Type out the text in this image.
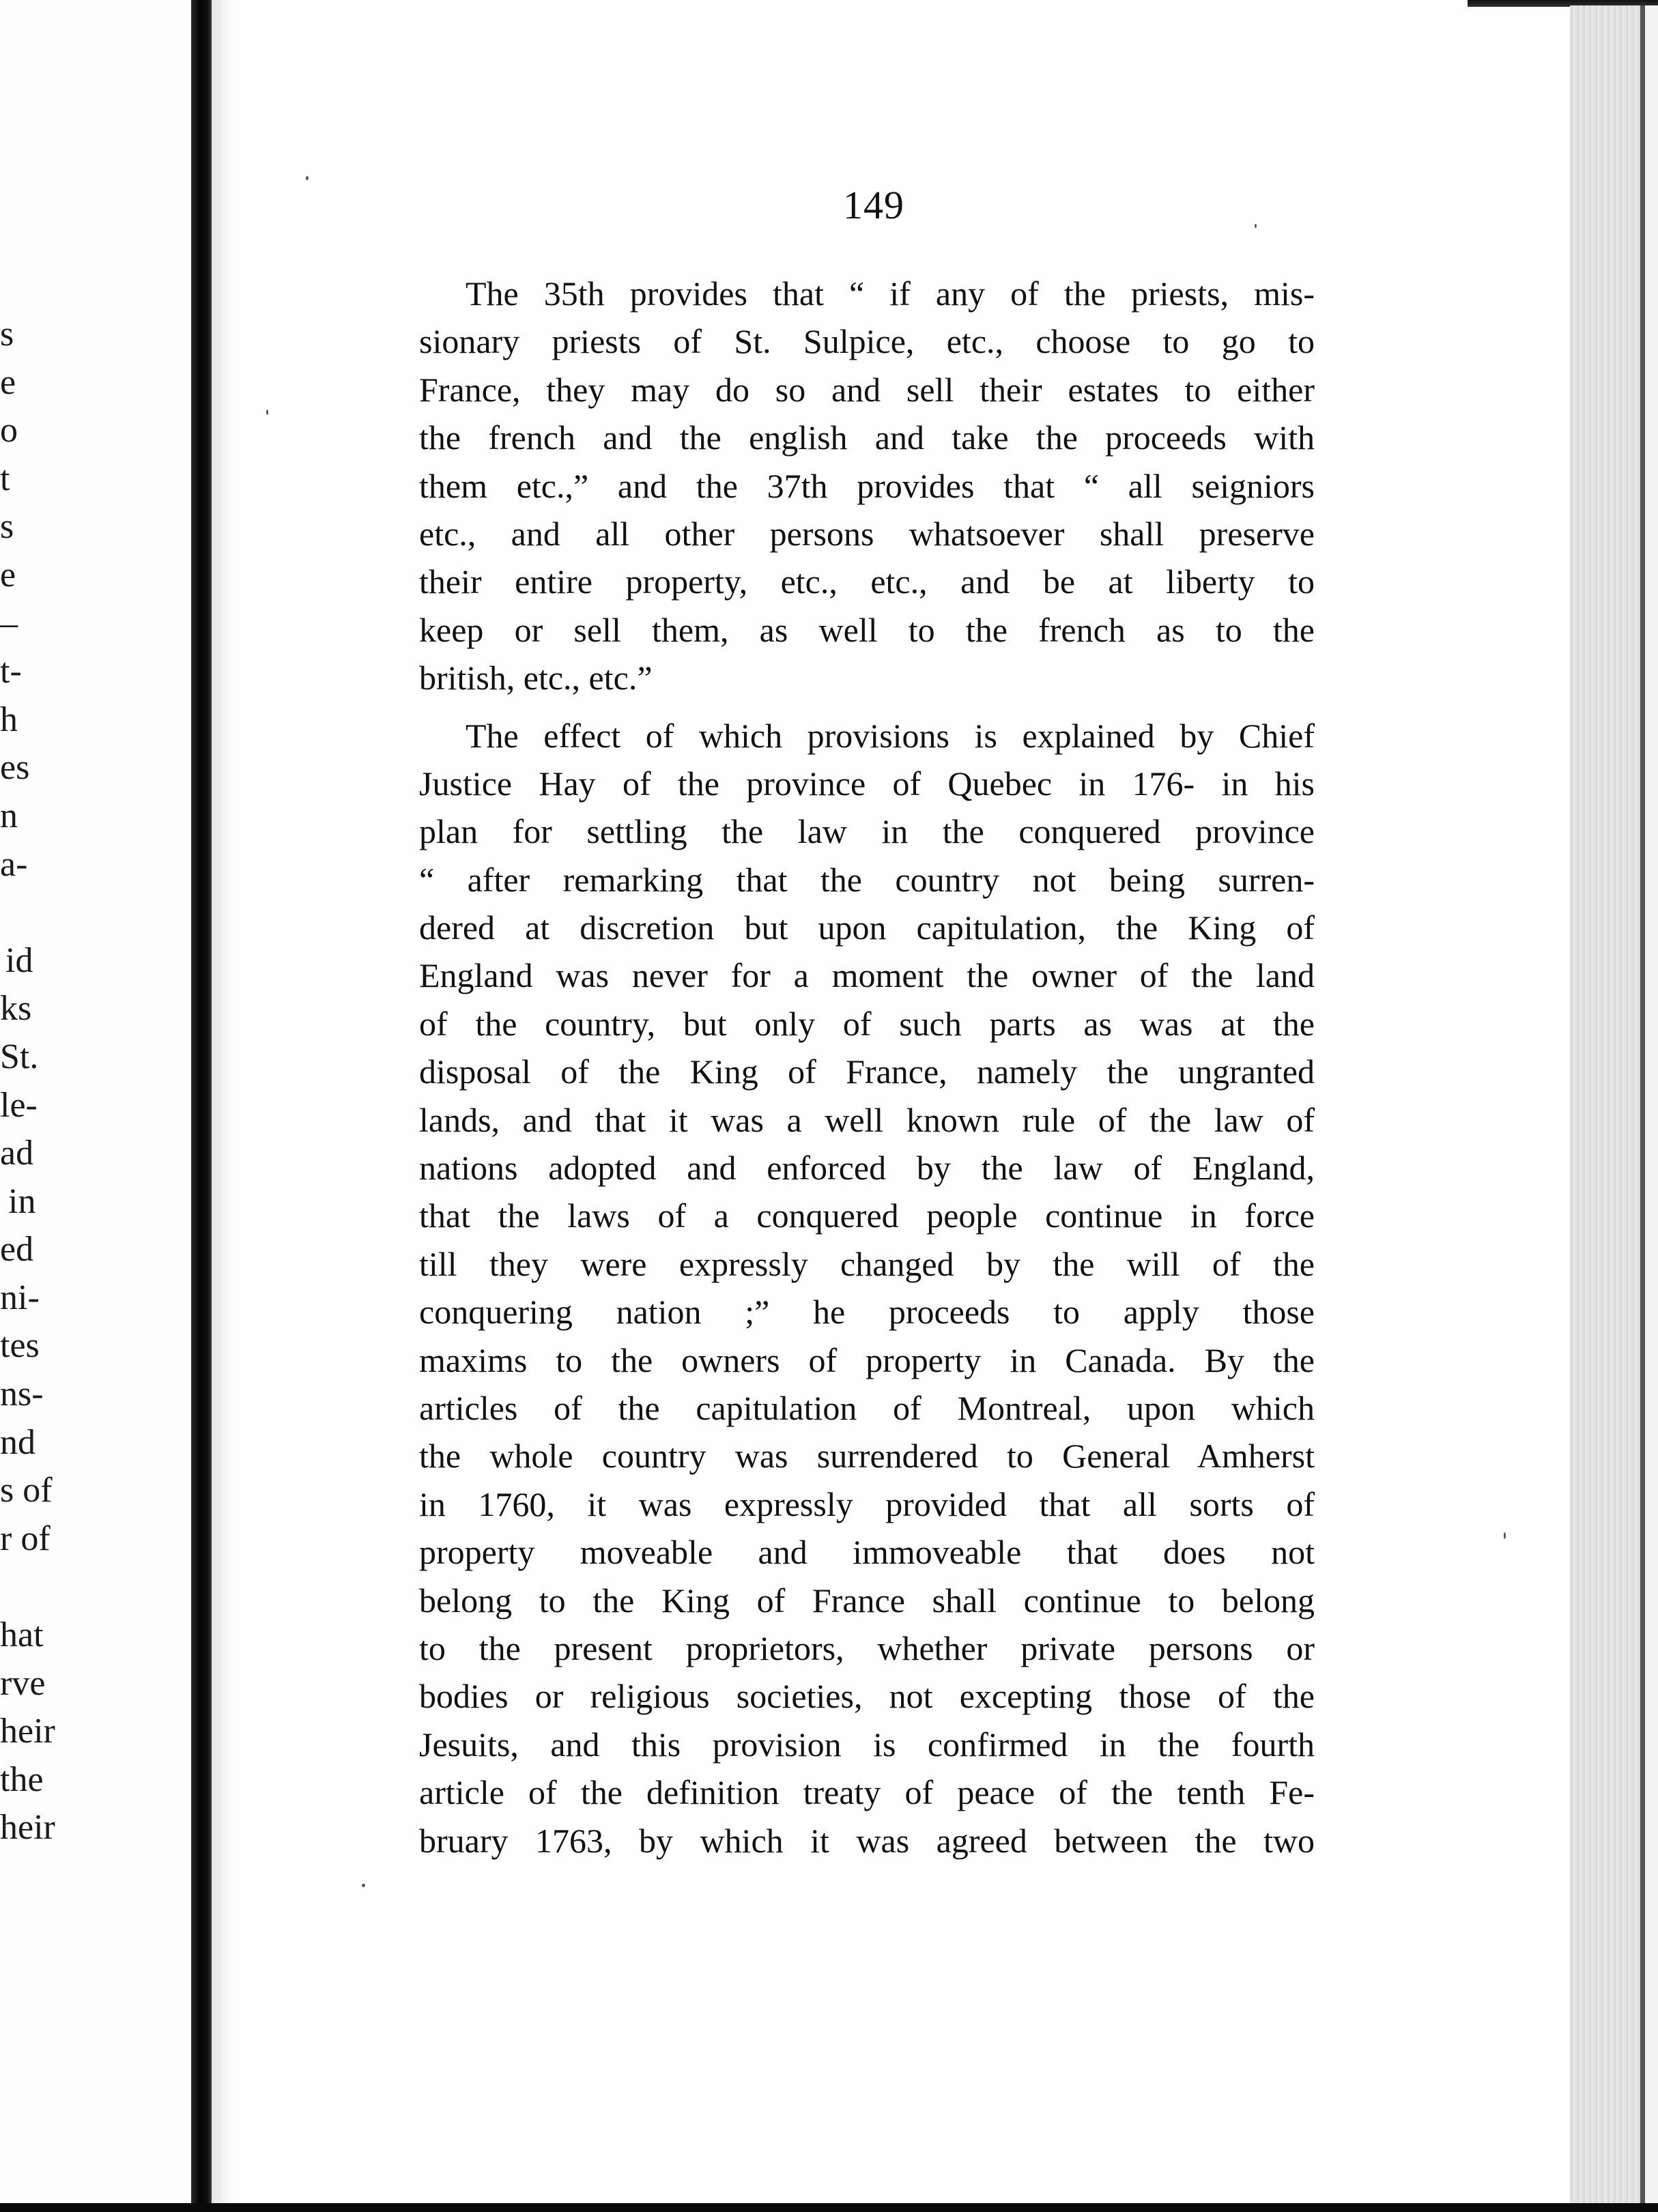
s
e
o
t
s
e
–
t-
h
es
n
a-
id
ks
St.
le-
ad
in
ed
ni-
tes
ns-
nd
s of
r of
hat
rve
heir
the
heir
149
The 35th provides that “ if any of the priests, mis-
sionary priests of St. Sulpice, etc., choose to go to
France, they may do so and sell their estates to either
the french and the english and take the proceeds with
them etc.,” and the 37th provides that “ all seigniors
etc., and all other persons whatsoever shall preserve
their entire property, etc., etc., and be at liberty to
keep or sell them, as well to the french as to the
british, etc., etc.”
The effect of which provisions is explained by Chief
Justice Hay of the province of Quebec in 176- in his
plan for settling the law in the conquered province
“ after remarking that the country not being surren-
dered at discretion but upon capitulation, the King of
England was never for a moment the owner of the land
of the country, but only of such parts as was at the
disposal of the King of France, namely the ungranted
lands, and that it was a well known rule of the law of
nations adopted and enforced by the law of England,
that the laws of a conquered people continue in force
till they were expressly changed by the will of the
conquering nation ;” he proceeds to apply those
maxims to the owners of property in Canada. By the
articles of the capitulation of Montreal, upon which
the whole country was surrendered to General Amherst
in 1760, it was expressly provided that all sorts of
property moveable and immoveable that does not
belong to the King of France shall continue to belong
to the present proprietors, whether private persons or
bodies or religious societies, not excepting those of the
Jesuits, and this provision is confirmed in the fourth
article of the definition treaty of peace of the tenth Fe-
bruary 1763, by which it was agreed between the two
